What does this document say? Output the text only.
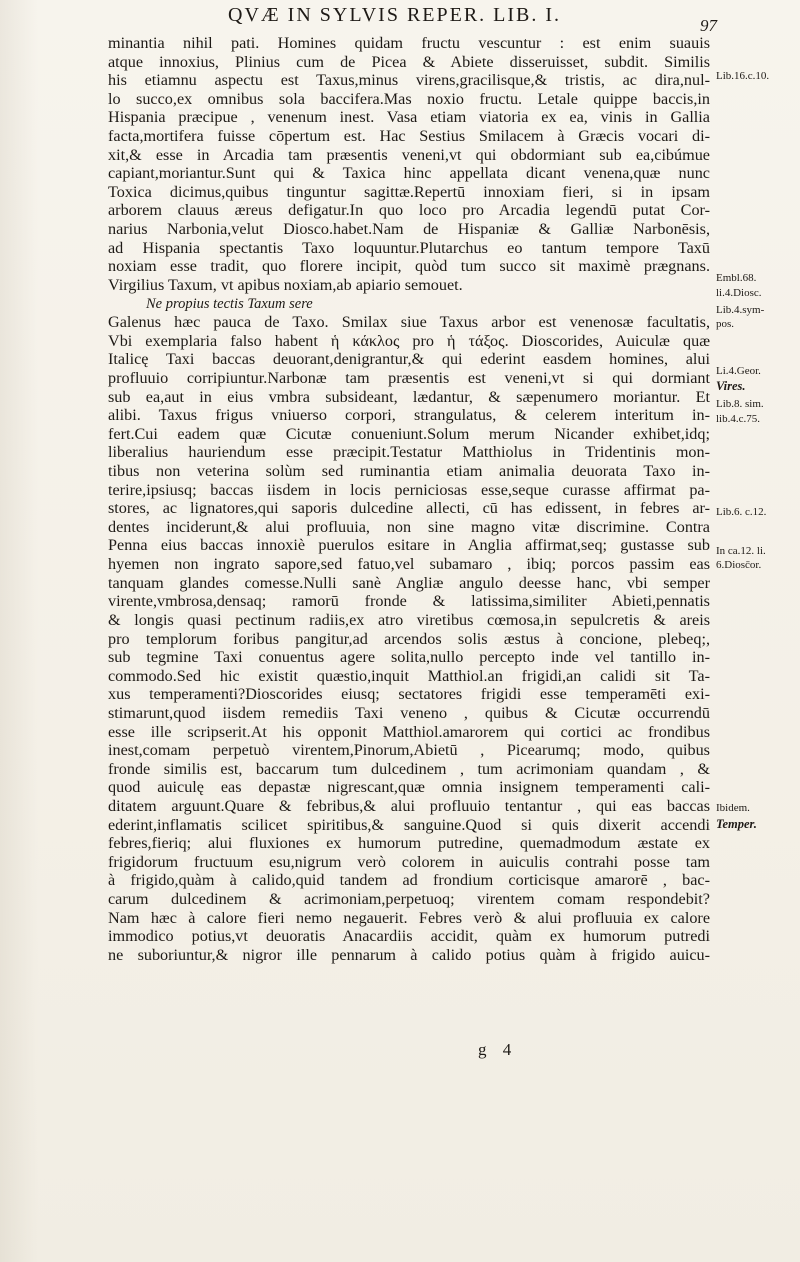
QVÆ IN SYLVIS REPER. LIB. I.	97
minantia nihil pati. Homines quidam fructu vescuntur : est enim suauis
atque innoxius, Plinius cum de Picea & Abiete disseruisset, subdit. Similis
his etiamnu aspectu est Taxus,minus virens,gracilisque,& tristis, ac dira,nul-
lo succo,ex omnibus sola baccifera.Mas noxio fructu. Letale quippe baccis,in
Hispania præcipue , venenum inest. Vasa etiam viatoria ex ea, vinis in Gallia
facta,mortifera fuisse cōpertum est. Hac Sestius Smilacem à Græcis vocari di-
xit,& esse in Arcadia tam præsentis veneni,vt qui obdormiant sub ea,cibúmue
capiant,moriantur.Sunt qui & Taxica hinc appellata dicant venena,quæ nunc
Toxica dicimus,quibus tinguntur sagittæ.Repertū innoxiam fieri, si in ipsam
arborem clauus æreus defigatur.In quo loco pro Arcadia legendū putat Cor-
narius Narbonia,velut Diosco.habet.Nam de Hispaniæ & Galliæ Narbonēsis,
ad Hispania spectantis Taxo loquuntur.Plutarchus eo tantum tempore Taxū
noxiam esse tradit, quo florere incipit, quòd tum succo sit maximè prægnans.
Virgilius Taxum, vt apibus noxiam,ab apiario semouet.
Ne propius tectis Taxum sere
Galenus hæc pauca de Taxo. Smilax siue Taxus arbor est venenosæ facultatis,
Vbi exemplaria falso habent ἡ κάκλος pro ἡ τάξος. Dioscorides, Auiculæ quæ
Italicę Taxi baccas deuorant,denigrantur,& qui ederint easdem homines, alui
profluuio corripiuntur.Narbonæ tam præsentis est veneni,vt si qui dormiant
sub ea,aut in eius vmbra subsideant, lædantur, & sæpenumero moriantur. Et
alibi. Taxus frigus vniuerso corpori, strangulatus, & celerem interitum in-
fert.Cui eadem quæ Cicutæ conueniunt.Solum merum Nicander exhibet,idq;
liberalius hauriendum esse præcipit.Testatur Matthiolus in Tridentinis mon-
tibus non veterina solùm sed ruminantia etiam animalia deuorata Taxo in-
terire,ipsiusq; baccas iisdem in locis perniciosas esse,seque curasse affirmat pa-
stores, ac lignatores,qui saporis dulcedine allecti, cū has edissent, in febres ar-
dentes inciderunt,& alui profluuia, non sine magno vitæ discrimine. Contra
Penna eius baccas innoxiè puerulos esitare in Anglia affirmat,seq; gustasse sub
hyemen non ingrato sapore,sed fatuo,vel subamaro , ibiq; porcos passim eas
tanquam glandes comesse.Nulli sanè Angliæ angulo deesse hanc, vbi semper
virente,vmbrosa,densaq; ramorū fronde & latissima,similiter Abieti,pennatis
& longis quasi pectinum radiis,ex atro viretibus cœmosa,in sepulcretis & areis
pro templorum foribus pangitur,ad arcendos solis æstus à concione, plebeq;,
sub tegmine Taxi conuentus agere solita,nullo percepto inde vel tantillo in-
commodo.Sed hic existit quæstio,inquit Matthiol.an frigidi,an calidi sit Ta-
xus temperamenti?Dioscorides eiusq; sectatores frigidi esse temperamēti exi-
stimarunt,quod iisdem remediis Taxi veneno , quibus & Cicutæ occurrendū
esse ille scripserit.At his opponit Matthiol.amarorem qui cortici ac frondibus
inest,comam perpetuò virentem,Pinorum,Abietū , Picearumq; modo, quibus
fronde similis est, baccarum tum dulcedinem , tum acrimoniam quandam , &
quod auiculę eas depastæ nigrescant,quæ omnia insignem temperamenti cali-
ditatem arguunt.Quare & febribus,& alui profluuio tentantur , qui eas baccas
ederint,inflamatis scilicet spiritibus,& sanguine.Quod si quis dixerit accendi
febres,fieriq; alui fluxiones ex humorum putredine, quemadmodum æstate ex
frigidorum fructuum esu,nigrum verò colorem in auiculis contrahi posse tam
à frigido,quàm à calido,quid tandem ad frondium corticisque amarorē , bac-
carum dulcedinem & acrimoniam,perpetuoq; virentem comam respondebit?
Nam hæc à calore fieri nemo negauerit. Febres verò & alui profluuia ex calore
immodico potius,vt deuoratis Anacardiis accidit, quàm ex humorum putredi
ne suboriuntur,& nigror ille pennarum à calido potius quàm à frigido auicu-
Lib.16.c.10.
Embl.68.
li.4.Diosc.
Lib.4.sym-
pos.
Li.4.Geor.
Vires.
Lib.8. sim.
lib.4.c.75.
Lib.6. c.12.
In ca.12. li.
6.Diosc̄or.
Ibidem.
Temper.
g 4
